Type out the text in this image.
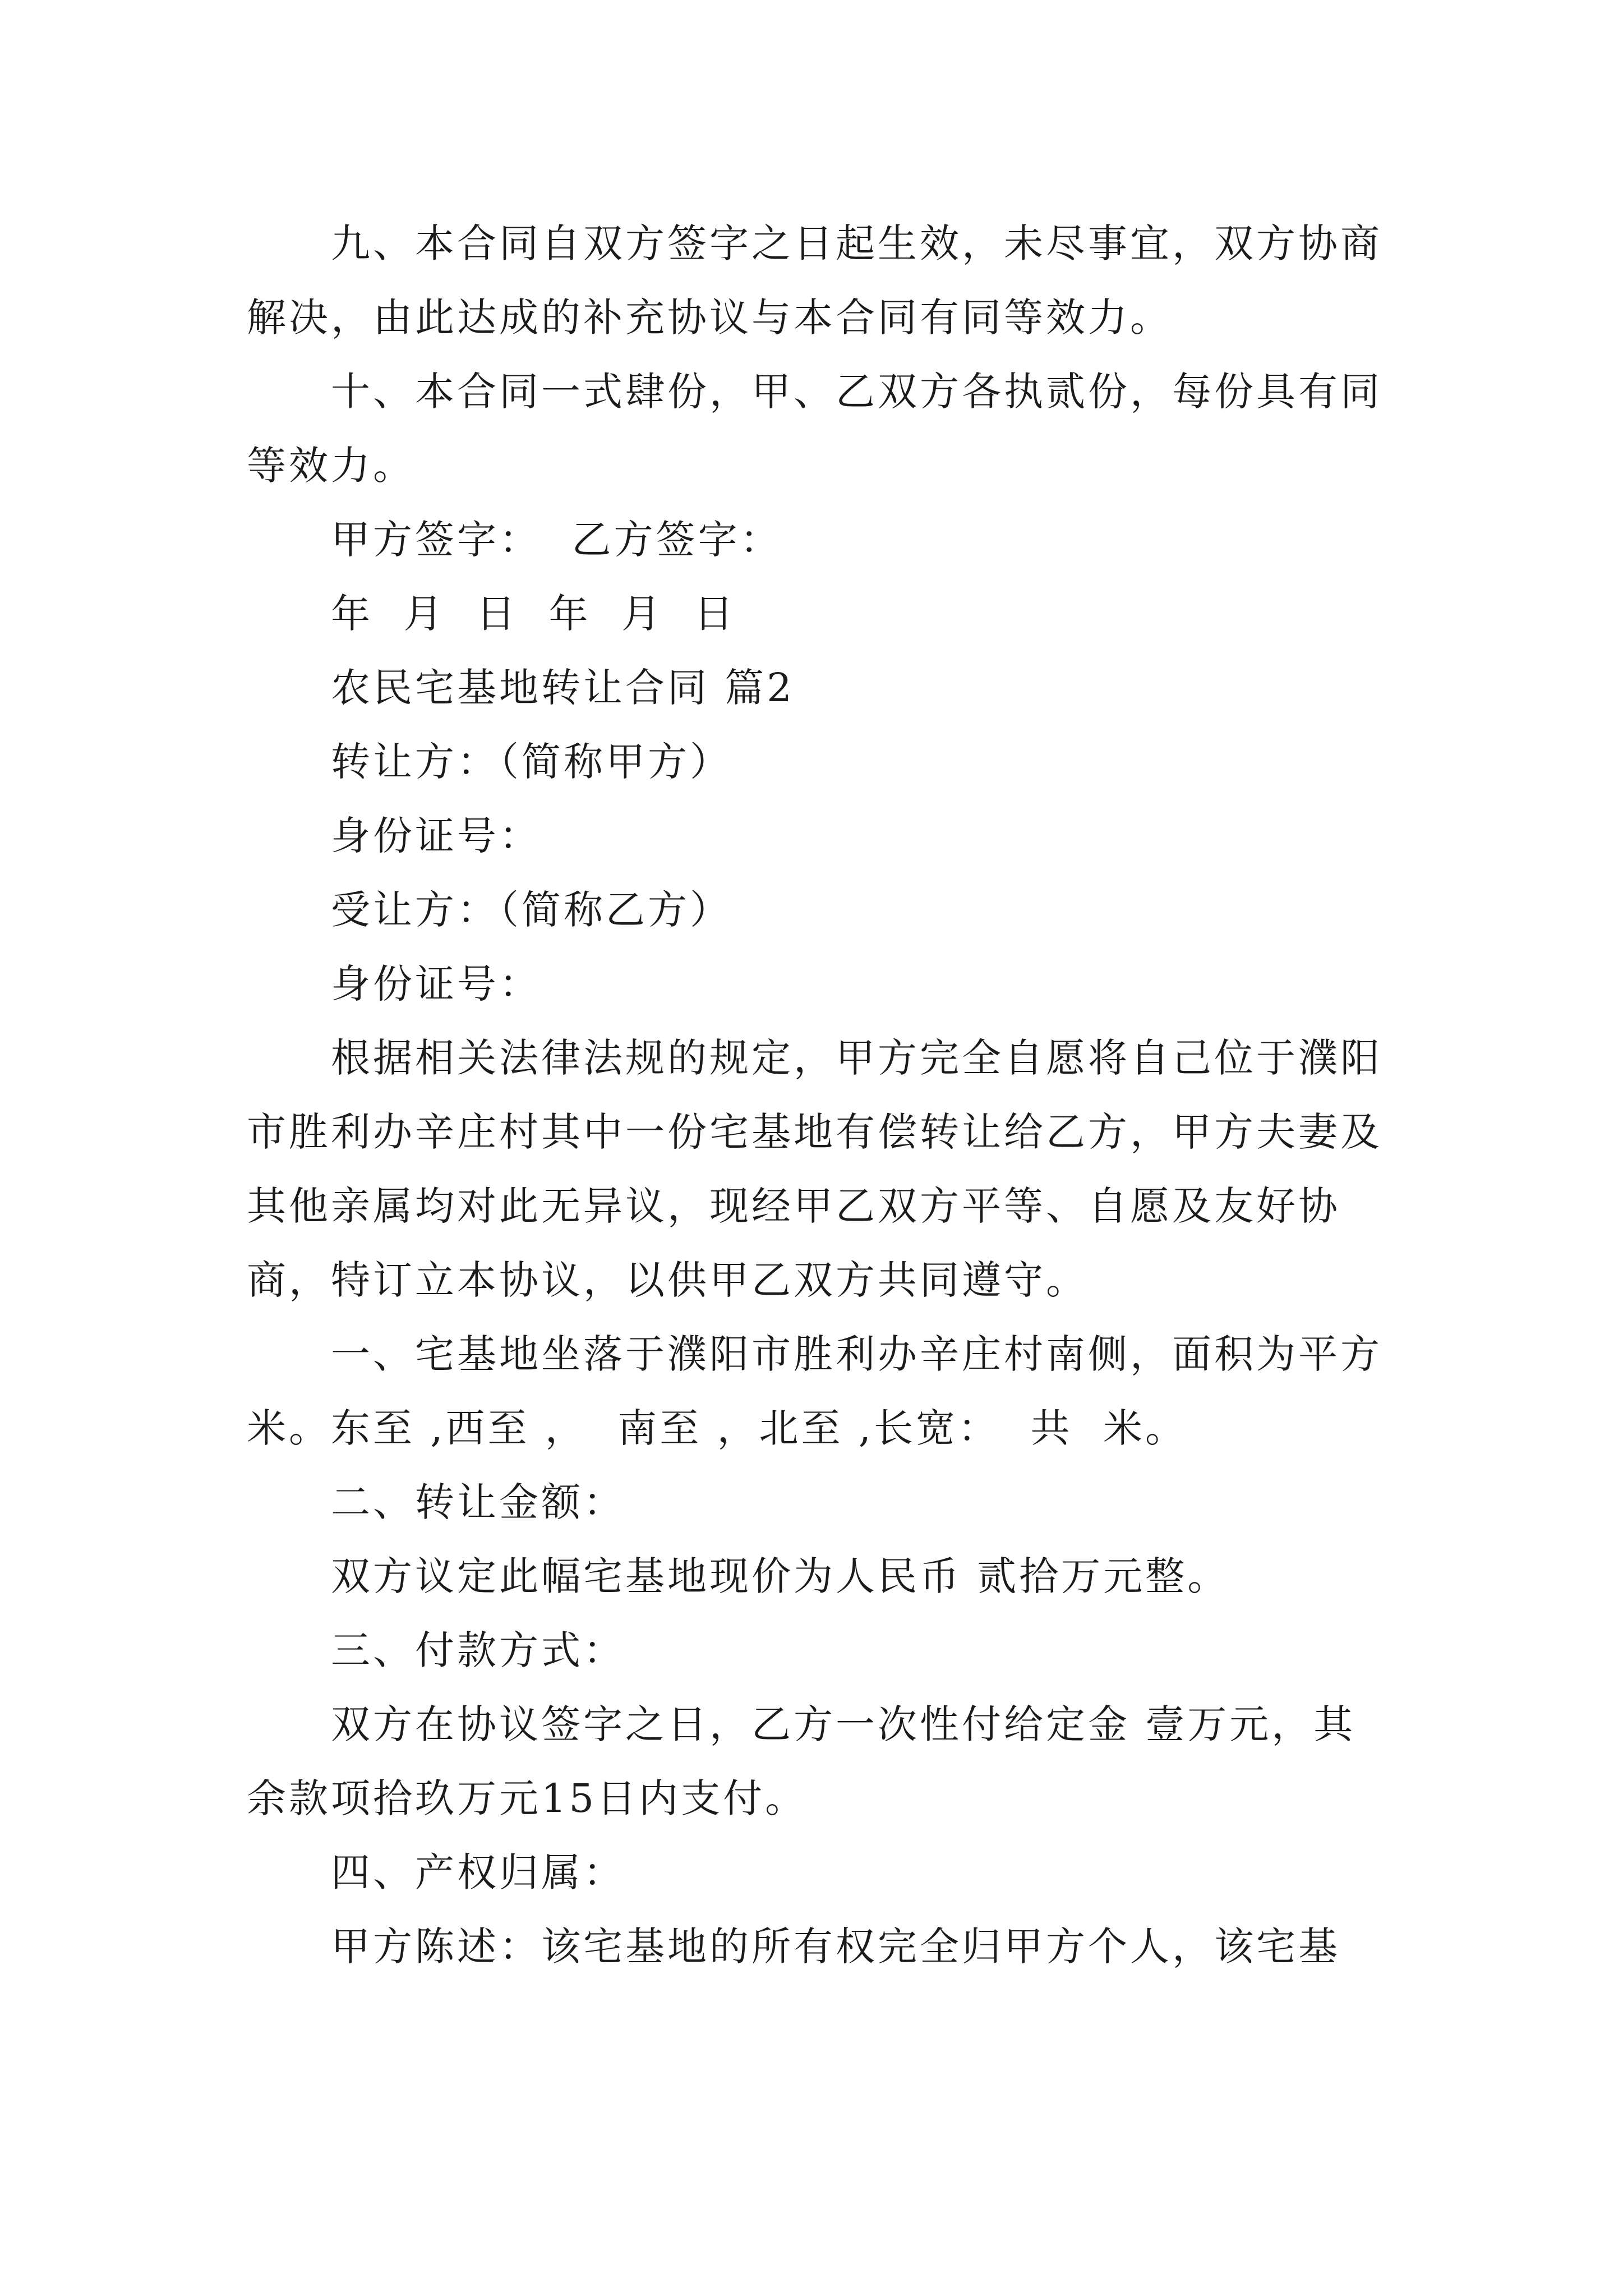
九、本合同自双方签字之日起生效，未尽事宜，双方协商解决，由此达成的补充协议与本合同有同等效力。

十、本合同一式肆份，甲、乙双方各执贰份，每份具有同等效力。

甲方签字：  乙方签字：

年  月  日  年  月  日

农民宅基地转让合同 篇2

转让方：（简称甲方）

身份证号：

受让方：（简称乙方）

身份证号：

根据相关法律法规的规定，甲方完全自愿将自己位于濮阳市胜利办辛庄村其中一份宅基地有偿转让给乙方，甲方夫妻及其他亲属均对此无异议，现经甲乙双方平等、自愿及友好协商，特订立本协议，以供甲乙双方共同遵守。

一、宅基地坐落于濮阳市胜利办辛庄村南侧，面积为平方米。东至 ,西至 ，  南至 ，北至 ,长宽：  共  米。

二、转让金额：

双方议定此幅宅基地现价为人民币 贰拾万元整。

三、付款方式：

双方在协议签字之日，乙方一次性付给定金 壹万元，其余款项拾玖万元15日内支付。

四、产权归属：

甲方陈述：该宅基地的所有权完全归甲方个人，该宅基
